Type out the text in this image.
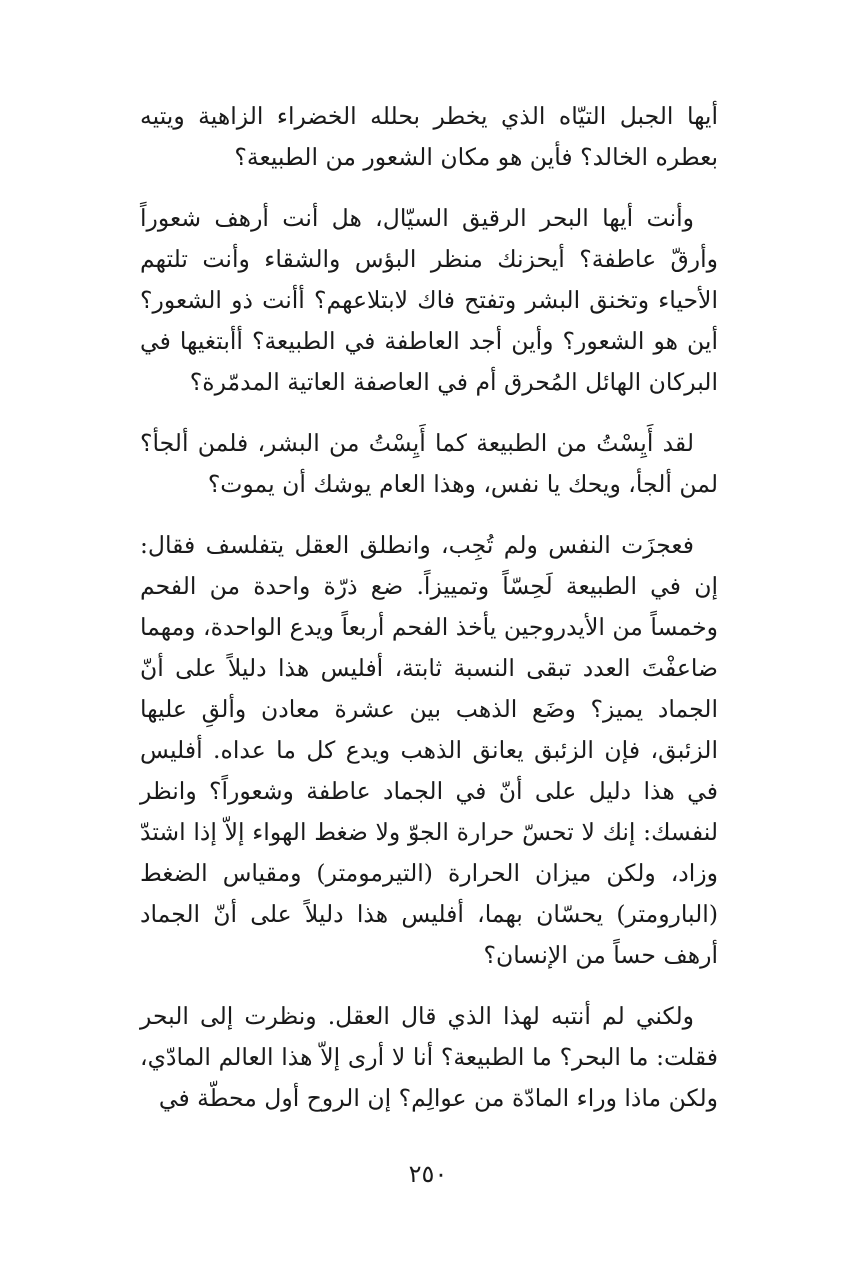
أيها الجبل التيّاه الذي يخطر بحلله الخضراء الزاهية ويتيه بعطره الخالد؟ فأين هو مكان الشعور من الطبيعة؟

وأنت أيها البحر الرقيق السيّال، هل أنت أرهف شعوراً وأرقّ عاطفة؟ أيحزنك منظر البؤس والشقاء وأنت تلتهم الأحياء وتخنق البشر وتفتح فاك لابتلاعهم؟ أأنت ذو الشعور؟ أين هو الشعور؟ وأين أجد العاطفة في الطبيعة؟ أأبتغيها في البركان الهائل المُحرق أم في العاصفة العاتية المدمّرة؟

لقد أَيِسْتُ من الطبيعة كما أَيِسْتُ من البشر، فلمن ألجأ؟ لمن ألجأ، ويحك يا نفس، وهذا العام يوشك أن يموت؟

فعجزَت النفس ولم تُجِب، وانطلق العقل يتفلسف فقال: إن في الطبيعة لَحِسّاً وتمييزاً. ضع ذرّة واحدة من الفحم وخمساً من الأيدروجين يأخذ الفحم أربعاً ويدع الواحدة، ومهما ضاعفْتَ العدد تبقى النسبة ثابتة، أفليس هذا دليلاً على أنّ الجماد يميز؟ وضَع الذهب بين عشرة معادن وألقِ عليها الزئبق، فإن الزئبق يعانق الذهب ويدع كل ما عداه. أفليس في هذا دليل على أنّ في الجماد عاطفة وشعوراً؟ وانظر لنفسك: إنك لا تحسّ حرارة الجوّ ولا ضغط الهواء إلاّ إذا اشتدّ وزاد، ولكن ميزان الحرارة (التيرمومتر) ومقياس الضغط (البارومتر) يحسّان بهما، أفليس هذا دليلاً على أنّ الجماد أرهف حساً من الإنسان؟

ولكني لم أنتبه لهذا الذي قال العقل. ونظرت إلى البحر فقلت: ما البحر؟ ما الطبيعة؟ أنا لا أرى إلاّ هذا العالم المادّي، ولكن ماذا وراء المادّة من عوالِم؟ إن الروح أول محطّة في

٢٥٠
